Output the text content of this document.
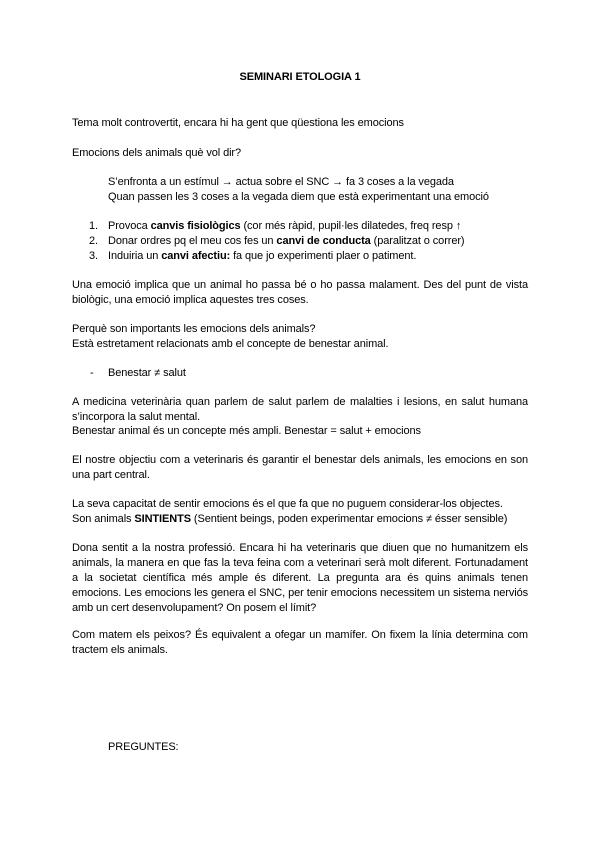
SEMINARI ETOLOGIA 1
Tema molt controvertit, encara hi ha gent que qüestiona les emocions
Emocions dels animals què vol dir?
S’enfronta a un estímul → actua sobre el SNC → fa 3 coses a la vegada
Quan passen les 3 coses a la vegada diem que està experimentant una emoció
1. Provoca canvis fisiològics (cor més ràpid, pupil·les dilatedes, freq resp ↑
2. Donar ordres pq el meu cos fes un canvi de conducta (paralitzat o correr)
3. Induiria un canvi afectiu: fa que jo experimenti plaer o patiment.
Una emoció implica que un animal ho passa bé o ho passa malament. Des del punt de vista biològic, una emoció implica aquestes tres coses.
Perquè son importants les emocions dels animals?
Està estretament relacionats amb el concepte de benestar animal.
- Benestar ≠ salut
A medicina veterinària quan parlem de salut parlem de malalties i lesions, en salut humana s’incorpora la salut mental.
Benestar animal és un concepte més ampli. Benestar = salut + emocions
El nostre objectiu com a veterinaris és garantir el benestar dels animals, les emocions en son una part central.
La seva capacitat de sentir emocions és el que fa que no puguem considerar-los objectes.
Son animals SINTIENTS (Sentient beings, poden experimentar emocions ≠ ésser sensible)
Dona sentit a la nostra professió. Encara hi ha veterinaris que diuen que no humanitzem els animals, la manera en que fas la teva feina com a veterinari serà molt diferent. Fortunadament a la societat científica més ample és diferent. La pregunta ara és quins animals tenen emocions. Les emocions les genera el SNC, per tenir emocions necessitem un sistema nerviós amb un cert desenvolupament? On posem el límit?
Com matem els peixos? És equivalent a ofegar un mamífer. On fixem la línia determina com tractem els animals.
PREGUNTES:
